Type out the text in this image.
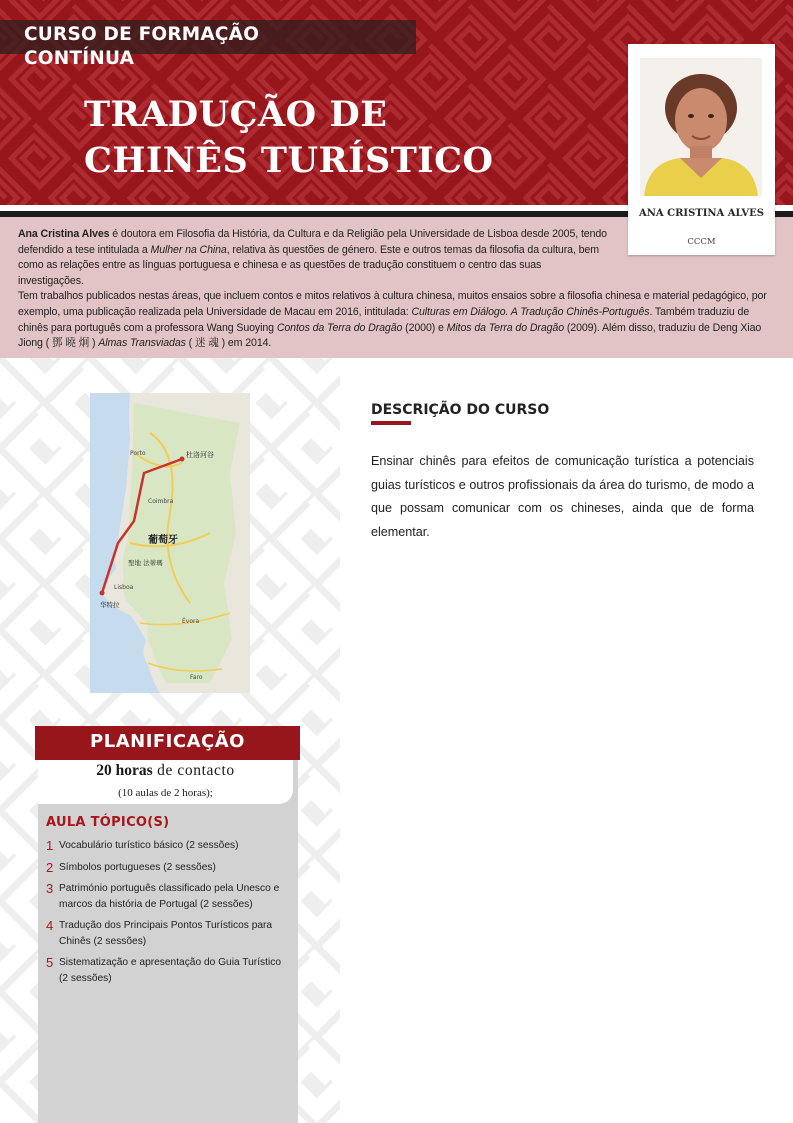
CURSO DE FORMAÇÃO CONTÍNUA
TRADUÇÃO DE
CHINÊS TURÍSTICO
Ana Cristina Alves é doutora em Filosofia da História, da Cultura e da Religião pela Universidade de Lisboa desde 2005, tendo defendido a tese intitulada a Mulher na China, relativa às questões de género. Este e outros temas da filosofia da cultura, bem como as relações entre as línguas portuguesa e chinesa e as questões de tradução constituem o centro das suas investigações.
Tem trabalhos publicados nestas áreas, que incluem contos e mitos relativos à cultura chinesa, muitos ensaios sobre a filosofia chinesa e material pedagógico, por exemplo, uma publicação realizada pela Universidade de Macau em 2016, intitulada: Culturas em Diálogo. A Tradução Chinês-Português. Também traduziu de chinês para português com a professora Wang Suoying Contos da Terra do Dragão (2000) e Mitos da Terra do Dragão (2009). Além disso, traduziu de Deng Xiao Jiong ( 鄧 曉 炯 ) Almas Transviadas ( 迷 魂 ) em 2014.
ANA CRISTINA ALVES
CCCM
杜洛河谷
葡萄牙
聖地 法蒂瑪
华特拉
Porto
Lisboa
Coimbra
Évora
Faro
PLANIFICAÇÃO
20 horas de contacto
(10 aulas de 2 horas);
AULA TÓPICO(S)
1 Vocabulário turístico básico (2 sessões)
2 Símbolos portugueses (2 sessões)
3 Património português classificado pela Unesco e marcos da história de Portugal (2 sessões)
4 Tradução dos Principais Pontos Turísticos para Chinês (2 sessões)
5 Sistematização e apresentação do Guia Turístico (2 sessões)
DESCRIÇÃO DO CURSO
Ensinar chinês para efeitos de comunicação turística a potenciais guias turísticos e outros profissionais da área do turismo, de modo a que possam comunicar com os chineses, ainda que de forma elementar.
